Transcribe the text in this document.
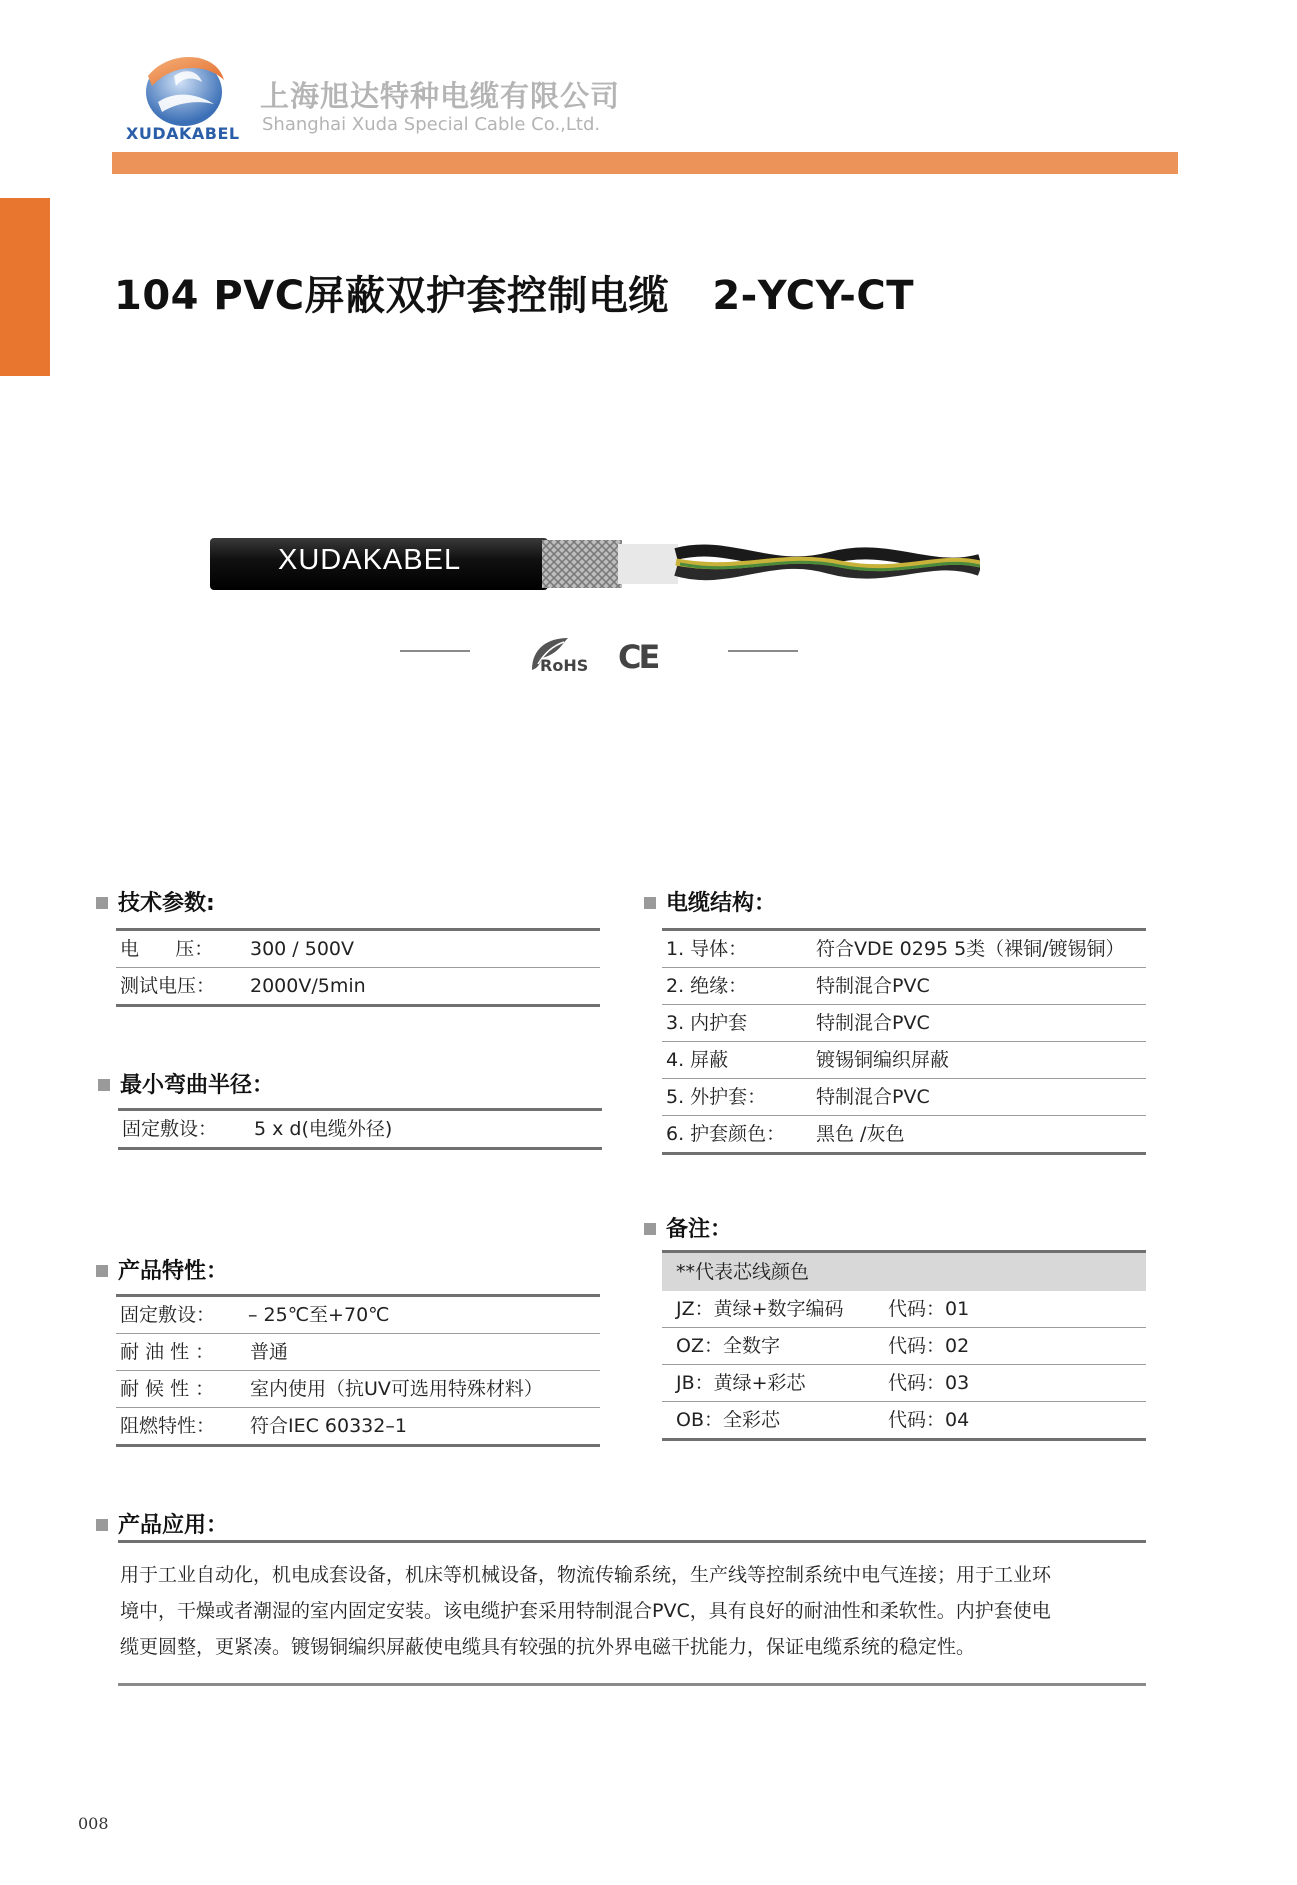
XUDAKABEL
上海旭达特种电缆有限公司
Shanghai Xuda Special Cable Co.,Ltd.
104 PVC屏蔽双护套控制电缆   2-YCY-CT
XUDAKABEL
RoHS CE
技术参数:
电      压： 300 / 500V
测试电压： 2000V/5min
最小弯曲半径：
固定敷设： 5 x d(电缆外径)
产品特性：
固定敷设： – 25℃至+70℃
耐 油 性 ： 普通
耐 候 性 ： 室内使用（抗UV可选用特殊材料）
阻燃特性： 符合IEC 60332–1
电缆结构：
1. 导体：	符合VDE 0295 5类（裸铜/镀锡铜）
2. 绝缘：	特制混合PVC
3. 内护套	特制混合PVC
4. 屏蔽	镀锡铜编织屏蔽
5. 外护套：	特制混合PVC
6. 护套颜色： 黑色 /灰色
备注：
**代表芯线颜色
JZ：黄绿+数字编码 代码：01
OZ：全数字	代码：02
JB：黄绿+彩芯	代码：03
OB：全彩芯	代码：04
产品应用：
用于工业自动化，机电成套设备，机床等机械设备，物流传输系统，生产线等控制系统中电气连接；用于工业环
境中，干燥或者潮湿的室内固定安装。该电缆护套采用特制混合PVC，具有良好的耐油性和柔软性。内护套使电
缆更圆整，更紧凑。镀锡铜编织屏蔽使电缆具有较强的抗外界电磁干扰能力，保证电缆系统的稳定性。
008
